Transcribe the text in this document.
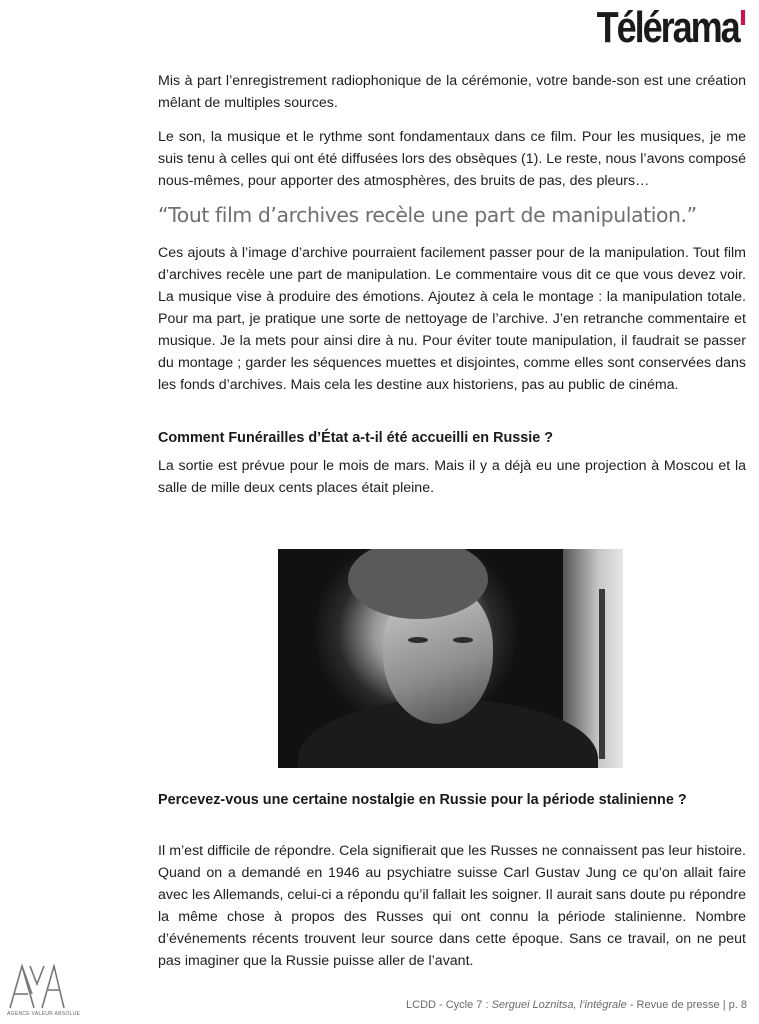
Télérama

Mis à part l’enregistrement radiophonique de la cérémonie, votre bande-son est une création mêlant de multiples sources.

Le son, la musique et le rythme sont fondamentaux dans ce film. Pour les musiques, je me suis tenu à celles qui ont été diffusées lors des obsèques (1). Le reste, nous l’avons composé nous-mêmes, pour apporter des atmosphères, des bruits de pas, des pleurs…

“Tout film d’archives recèle une part de manipulation.”

Ces ajouts à l’image d’archive pourraient facilement passer pour de la manipulation. Tout film d’archives recèle une part de manipulation. Le commentaire vous dit ce que vous devez voir. La musique vise à produire des émotions. Ajoutez à cela le montage : la manipulation totale. Pour ma part, je pratique une sorte de nettoyage de l’archive. J’en retranche commentaire et musique. Je la mets pour ainsi dire à nu. Pour éviter toute manipulation, il faudrait se passer du montage ; garder les séquences muettes et disjointes, comme elles sont conservées dans les fonds d’archives. Mais cela les destine aux historiens, pas au public de cinéma.

Comment Funérailles d’État a-t-il été accueilli en Russie ?

La sortie est prévue pour le mois de mars. Mais il y a déjà eu une projection à Moscou et la salle de mille deux cents places était pleine.

Percevez-vous une certaine nostalgie en Russie pour la période stalinienne ?

Il m’est difficile de répondre. Cela signifierait que les Russes ne connaissent pas leur histoire. Quand on a demandé en 1946 au psychiatre suisse Carl Gustav Jung ce qu’on allait faire avec les Allemands, celui-ci a répondu qu’il fallait les soigner. Il aurait sans doute pu répondre la même chose à propos des Russes qui ont connu la période stalinienne. Nombre d’événements récents trouvent leur source dans cette époque. Sans ce travail, on ne peut pas imaginer que la Russie puisse aller de l’avant.

AGENCE VALEUR ABSOLUE
LCDD - Cycle 7 : Serguei Loznitsa, l’intégrale - Revue de presse | p. 8
